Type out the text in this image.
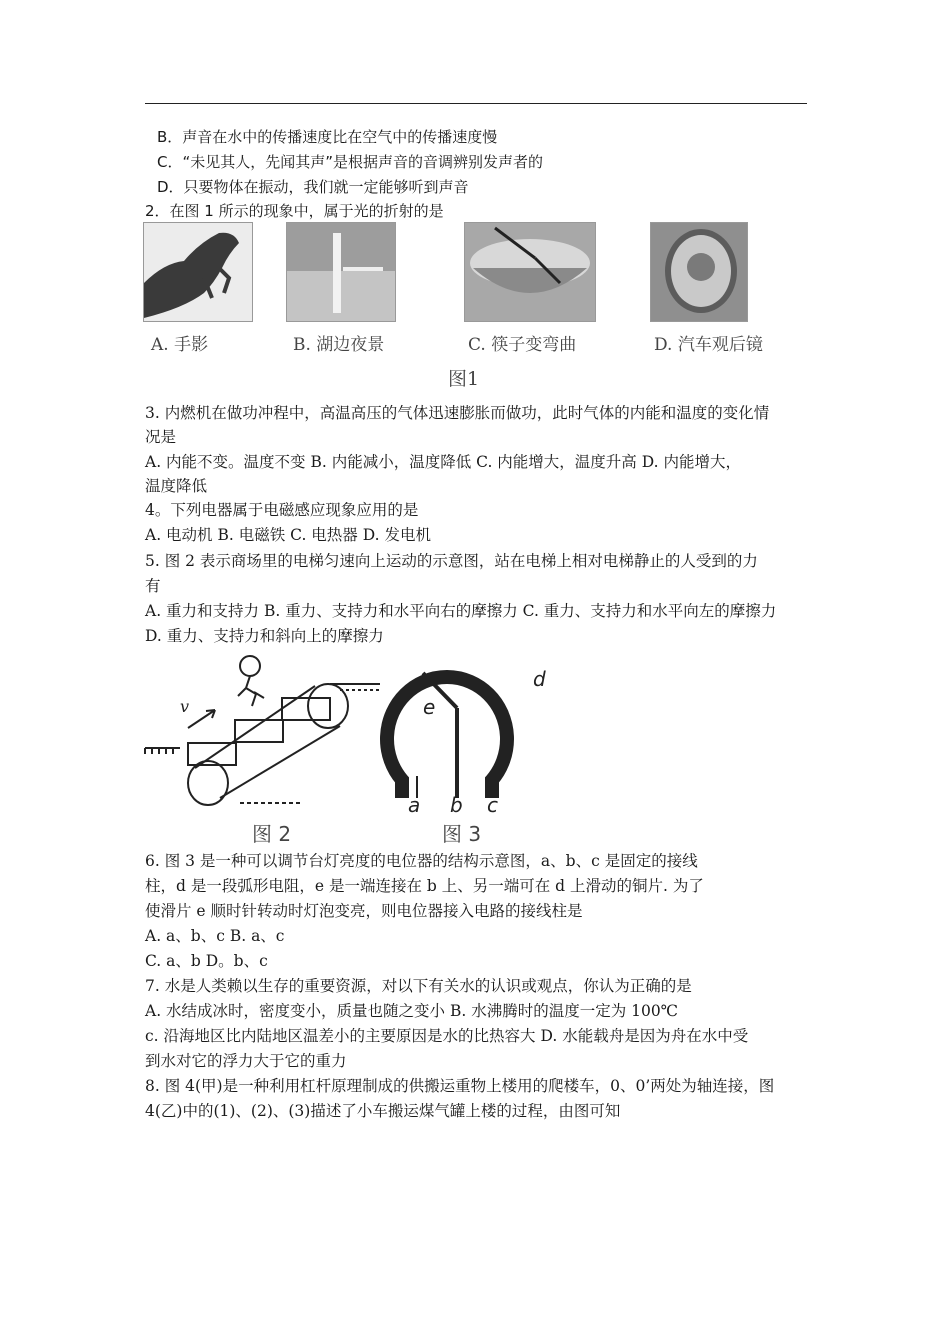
B．声音在水中的传播速度比在空气中的传播速度慢
C．“未见其人，先闻其声”是根据声音的音调辨别发声者的
D．只要物体在振动，我们就一定能够听到声音
2．在图 1 所示的现象中，属于光的折射的是
A. 手影	B. 湖边夜景	C. 筷子变弯曲	D. 汽车观后镜
图1
3. 内燃机在做功冲程中，高温高压的气体迅速膨胀而做功，此时气体的内能和温度的变化情
况是
A. 内能不变。温度不变 B. 内能减小，温度降低 C. 内能增大，温度升高 D. 内能增大，
温度降低
4。下列电器属于电磁感应现象应用的是
A. 电动机 B. 电磁铁 C. 电热器 D. 发电机
5. 图 2 表示商场里的电梯匀速向上运动的示意图，站在电梯上相对电梯静止的人受到的力
有
A. 重力和支持力 B. 重力、支持力和水平向右的摩擦力 C. 重力、支持力和水平向左的摩擦力
D. 重力、支持力和斜向上的摩擦力
v
d
e
a b c
图 2	图 3
6. 图 3 是一种可以调节台灯亮度的电位器的结构示意图，a、b、c 是固定的接线
柱，d 是一段弧形电阻，e 是一端连接在 b 上、另一端可在 d 上滑动的铜片. 为了
使滑片 e 顺时针转动时灯泡变亮，则电位器接入电路的接线柱是
A. a、b、c B. a、c
C. a、b D。b、c
7. 水是人类赖以生存的重要资源，对以下有关水的认识或观点，你认为正确的是
A. 水结成冰时，密度变小，质量也随之变小 B. 水沸腾时的温度一定为 100℃
c. 沿海地区比内陆地区温差小的主要原因是水的比热容大 D. 水能载舟是因为舟在水中受
到水对它的浮力大于它的重力
8. 图 4(甲)是一种利用杠杆原理制成的供搬运重物上楼用的爬楼车，0、0’两处为轴连接，图
4(乙)中的(1)、(2)、(3)描述了小车搬运煤气罐上楼的过程，由图可知
